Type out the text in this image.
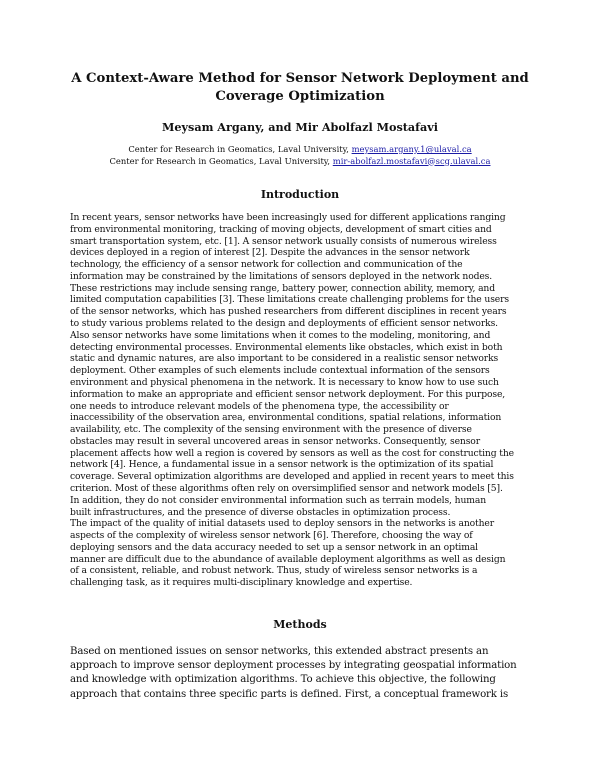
A Context-Aware Method for Sensor Network Deployment and
Coverage Optimization
Meysam Argany, and Mir Abolfazl Mostafavi
Center for Research in Geomatics, Laval University, meysam.argany.1@ulaval.ca
Center for Research in Geomatics, Laval University, mir-abolfazl.mostafavi@scg.ulaval.ca
Introduction
In recent years, sensor networks have been increasingly used for different applications ranging
from environmental monitoring, tracking of moving objects, development of smart cities and
smart transportation system, etc. [1]. A sensor network usually consists of numerous wireless
devices deployed in a region of interest [2]. Despite the advances in the sensor network
technology, the efficiency of a sensor network for collection and communication of the
information may be constrained by the limitations of sensors deployed in the network nodes.
These restrictions may include sensing range, battery power, connection ability, memory, and
limited computation capabilities [3]. These limitations create challenging problems for the users
of the sensor networks, which has pushed researchers from different disciplines in recent years
to study various problems related to the design and deployments of efficient sensor networks.
Also sensor networks have some limitations when it comes to the modeling, monitoring, and
detecting environmental processes. Environmental elements like obstacles, which exist in both
static and dynamic natures, are also important to be considered in a realistic sensor networks
deployment. Other examples of such elements include contextual information of the sensors
environment and physical phenomena in the network. It is necessary to know how to use such
information to make an appropriate and efficient sensor network deployment. For this purpose,
one needs to introduce relevant models of the phenomena type, the accessibility or
inaccessibility of the observation area, environmental conditions, spatial relations, information
availability, etc. The complexity of the sensing environment with the presence of diverse
obstacles may result in several uncovered areas in sensor networks. Consequently, sensor
placement affects how well a region is covered by sensors as well as the cost for constructing the
network [4]. Hence, a fundamental issue in a sensor network is the optimization of its spatial
coverage. Several optimization algorithms are developed and applied in recent years to meet this
criterion. Most of these algorithms often rely on oversimplified sensor and network models [5].
In addition, they do not consider environmental information such as terrain models, human
built infrastructures, and the presence of diverse obstacles in optimization process.
The impact of the quality of initial datasets used to deploy sensors in the networks is another
aspects of the complexity of wireless sensor network [6]. Therefore, choosing the way of
deploying sensors and the data accuracy needed to set up a sensor network in an optimal
manner are difficult due to the abundance of available deployment algorithms as well as design
of a consistent, reliable, and robust network. Thus, study of wireless sensor networks is a
challenging task, as it requires multi-disciplinary knowledge and expertise.
Methods
Based on mentioned issues on sensor networks, this extended abstract presents an
approach to improve sensor deployment processes by integrating geospatial information
and knowledge with optimization algorithms. To achieve this objective, the following
approach that contains three specific parts is defined. First, a conceptual framework is
